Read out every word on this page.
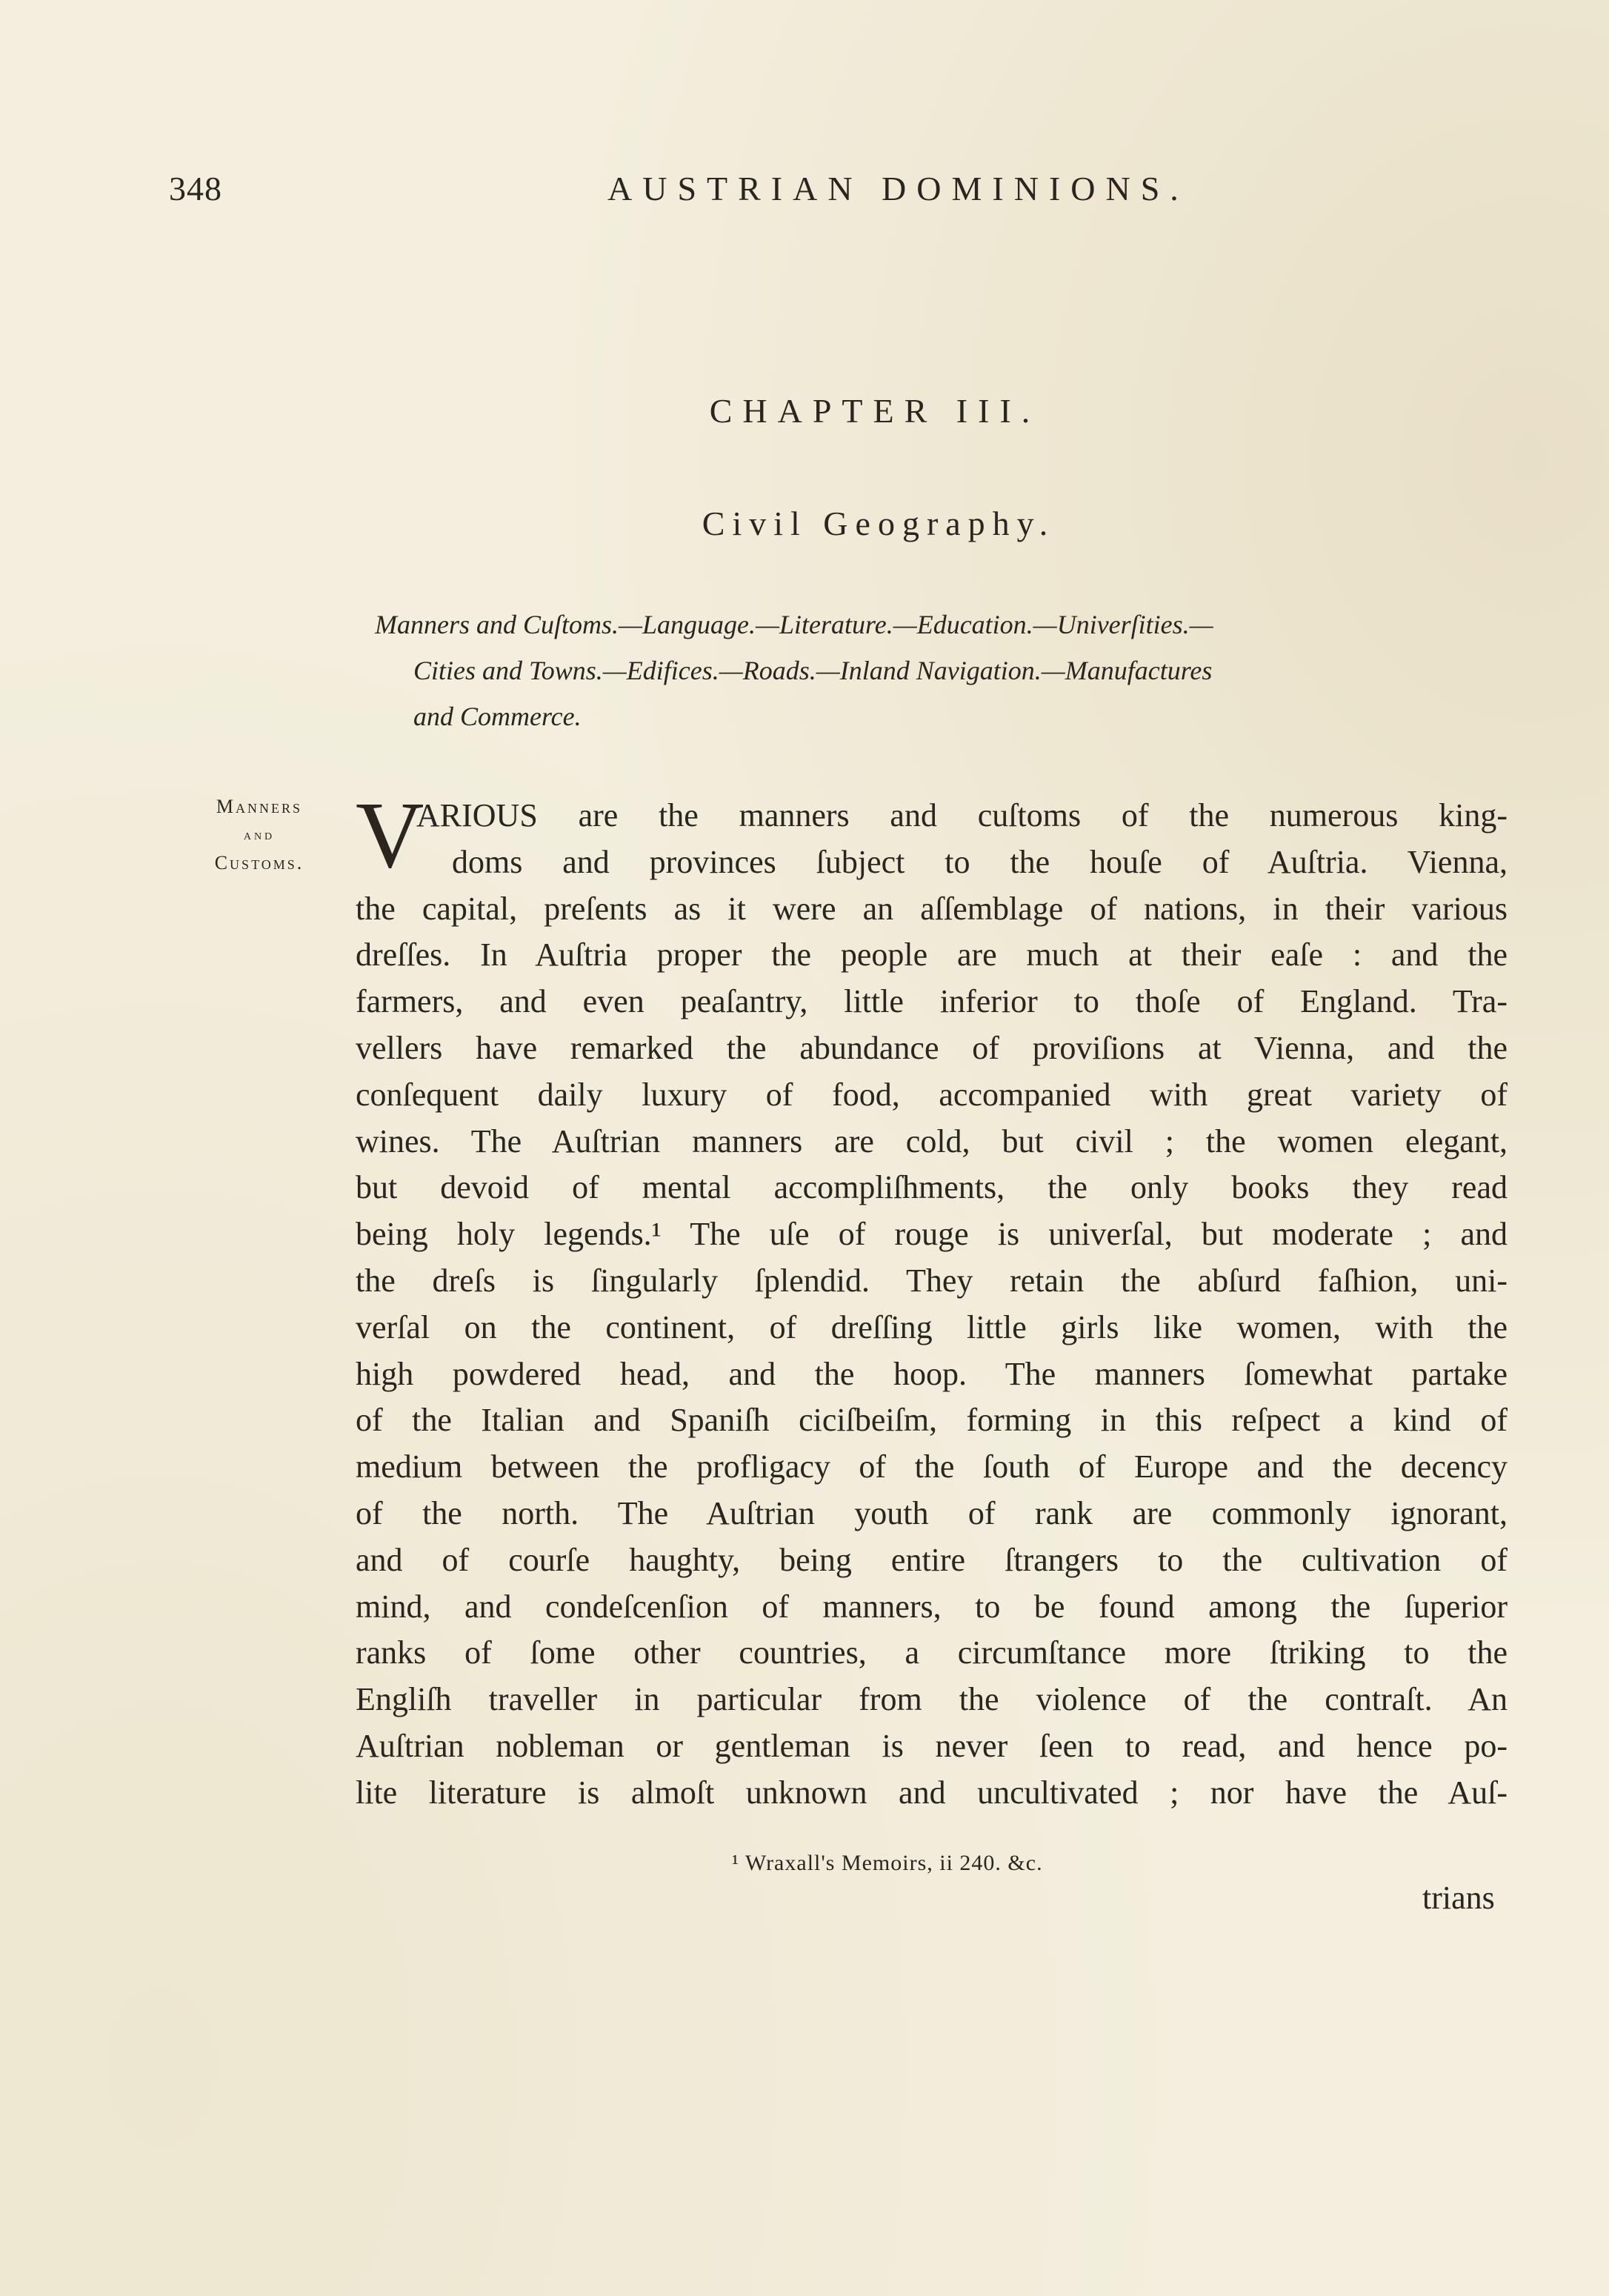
348	AUSTRIAN DOMINIONS.
CHAPTER III.
Civil Geography.
Manners and Cuſtoms.—Language.—Literature.—Education.—Univerſities.—
Cities and Towns.—Edifices.—Roads.—Inland Navigation.—Manufactures
and Commerce.
Manners
and
Customs. V
ARIOUS are the manners and cuſtoms of the numerous king-
doms and provinces ſubject to the houſe of Auſtria. Vienna,
the capital, preſents as it were an aſſemblage of nations, in their various
dreſſes. In Auſtria proper the people are much at their eaſe : and the
farmers, and even peaſantry, little inferior to thoſe of England. Tra-
vellers have remarked the abundance of proviſions at Vienna, and the
conſequent daily luxury of food, accompanied with great variety of
wines. The Auſtrian manners are cold, but civil ; the women elegant,
but devoid of mental accompliſhments, the only books they read
being holy legends.¹ The uſe of rouge is univerſal, but moderate ; and
the dreſs is ſingularly ſplendid. They retain the abſurd faſhion, uni-
verſal on the continent, of dreſſing little girls like women, with the
high powdered head, and the hoop. The manners ſomewhat partake
of the Italian and Spaniſh ciciſbeiſm, forming in this reſpect a kind of
medium between the profligacy of the ſouth of Europe and the decency
of the north. The Auſtrian youth of rank are commonly ignorant,
and of courſe haughty, being entire ſtrangers to the cultivation of
mind, and condeſcenſion of manners, to be found among the ſuperior
ranks of ſome other countries, a circumſtance more ſtriking to the
Engliſh traveller in particular from the violence of the contraſt. An
Auſtrian nobleman or gentleman is never ſeen to read, and hence po-
lite literature is almoſt unknown and uncultivated ; nor have the Auſ-
¹ Wraxall's Memoirs, ii 240. &c.
trians
